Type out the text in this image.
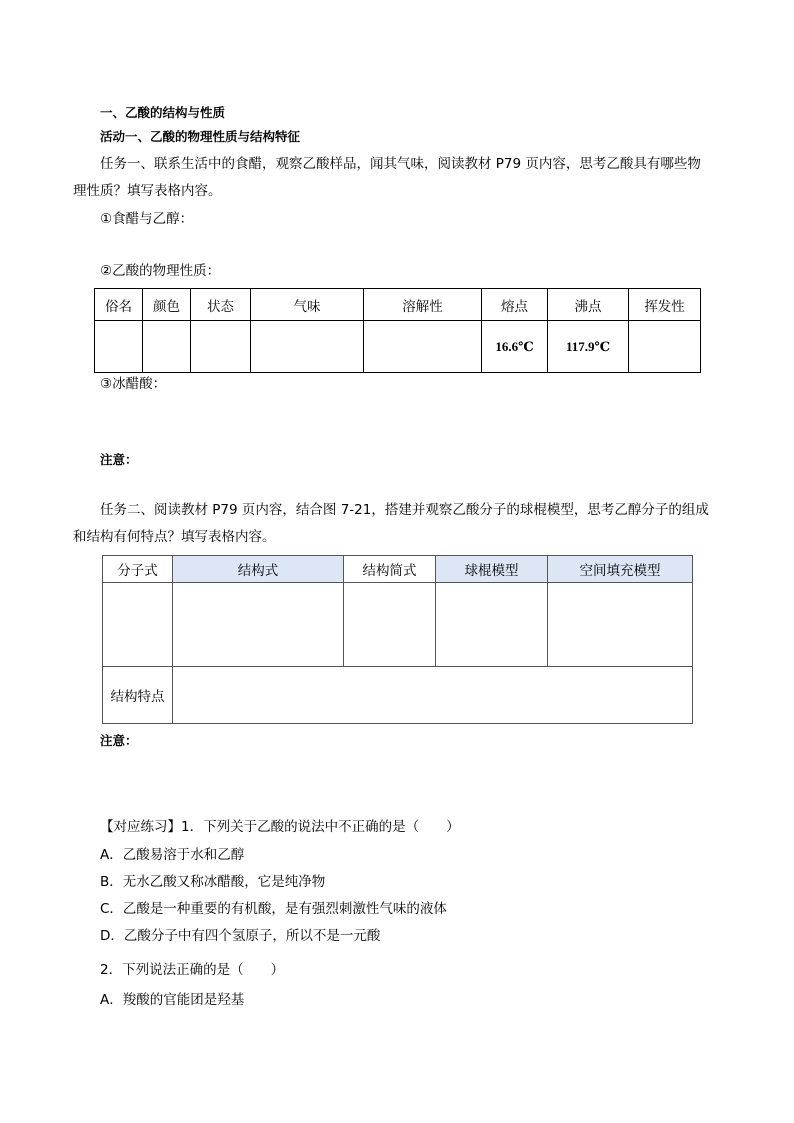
一、乙酸的结构与性质
活动一、乙酸的物理性质与结构特征
任务一、联系生活中的食醋，观察乙酸样品，闻其气味，阅读教材 P79 页内容，思考乙酸具有哪些物
理性质？填写表格内容。
①食醋与乙醇：
②乙酸的物理性质：
俗名	颜色	状态	气味	溶解性	熔点	沸点	挥发性
					16.6℃	117.9℃	
③冰醋酸：
注意：
任务二、阅读教材 P79 页内容，结合图 7-21，搭建并观察乙酸分子的球棍模型，思考乙醇分子的组成
和结构有何特点？填写表格内容。
分子式	结构式	结构简式	球棍模型	空间填充模型

结构特点				
注意：
【对应练习】1．下列关于乙酸的说法中不正确的是（　　）
A．乙酸易溶于水和乙醇
B．无水乙酸又称冰醋酸，它是纯净物
C．乙酸是一种重要的有机酸，是有强烈刺激性气味的液体
D．乙酸分子中有四个氢原子，所以不是一元酸
2．下列说法正确的是（　　）
A．羧酸的官能团是羟基
